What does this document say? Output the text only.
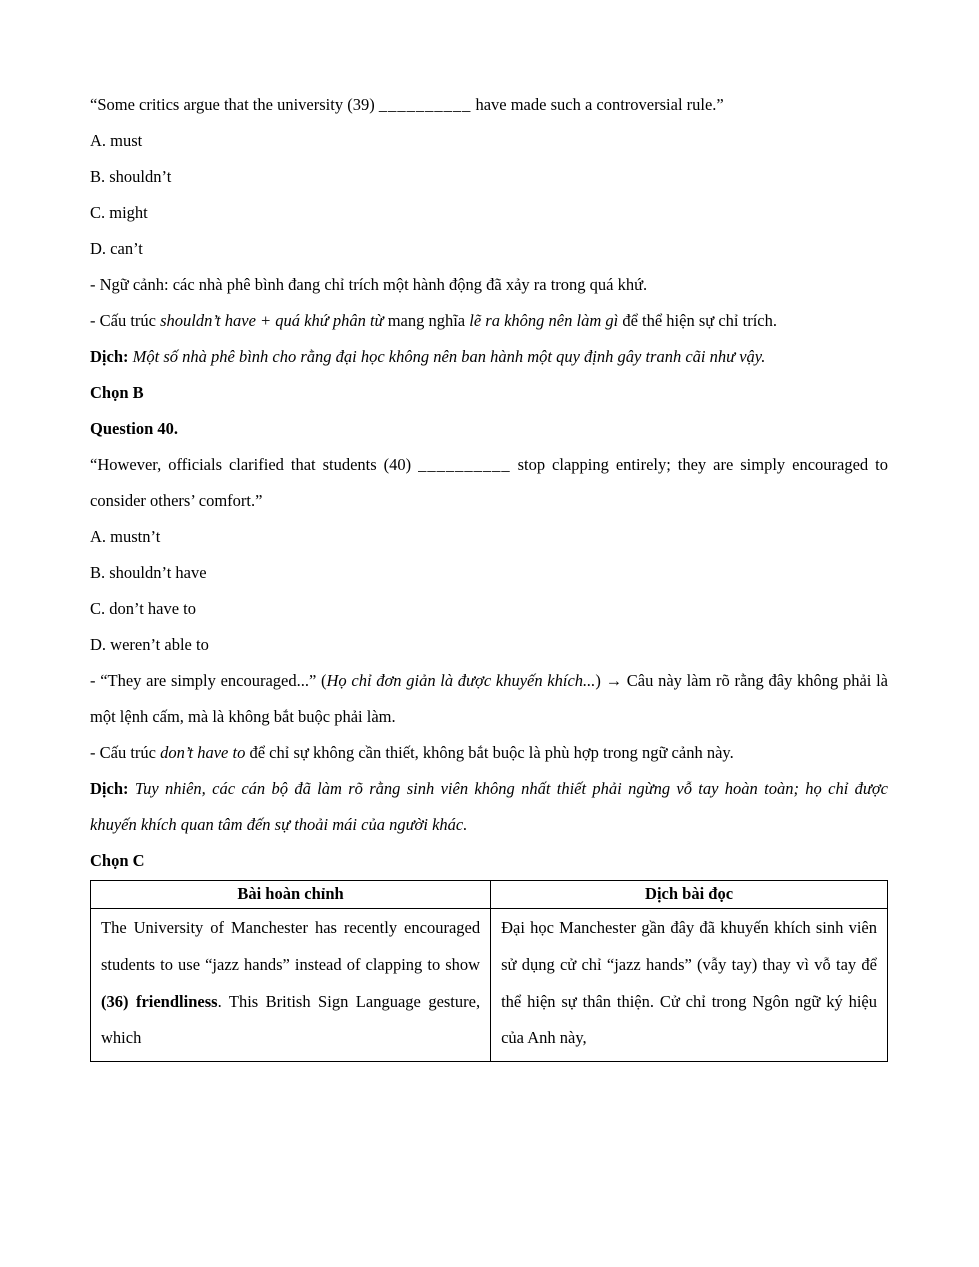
“Some critics argue that the university (39) __________ have made such a controversial rule.”

A. must

B. shouldn’t

C. might

D. can’t

- Ngữ cảnh: các nhà phê bình đang chỉ trích một hành động đã xảy ra trong quá khứ.

- Cấu trúc shouldn’t have + quá khứ phân từ mang nghĩa lẽ ra không nên làm gì để thể hiện sự chỉ trích.

Dịch: Một số nhà phê bình cho rằng đại học không nên ban hành một quy định gây tranh cãi như vậy.

Chọn B

Question 40.

“However, officials clarified that students (40) __________ stop clapping entirely; they are simply encouraged to consider others’ comfort.”

A. mustn’t

B. shouldn’t have

C. don’t have to

D. weren’t able to

- “They are simply encouraged...” (Họ chỉ đơn giản là được khuyến khích...) → Câu này làm rõ rằng đây không phải là một lệnh cấm, mà là không bắt buộc phải làm.

- Cấu trúc don’t have to để chỉ sự không cần thiết, không bắt buộc là phù hợp trong ngữ cảnh này.

Dịch: Tuy nhiên, các cán bộ đã làm rõ rằng sinh viên không nhất thiết phải ngừng vỗ tay hoàn toàn; họ chỉ được khuyến khích quan tâm đến sự thoải mái của người khác.

Chọn C

Bài hoàn chỉnh	Dịch bài đọc
The University of Manchester has recently encouraged students to use “jazz hands” instead of clapping to show (36) friendliness. This British Sign Language gesture, which	Đại học Manchester gần đây đã khuyến khích sinh viên sử dụng cử chỉ “jazz hands” (vẫy tay) thay vì vỗ tay để thể hiện sự thân thiện. Cử chỉ trong Ngôn ngữ ký hiệu của Anh này,
